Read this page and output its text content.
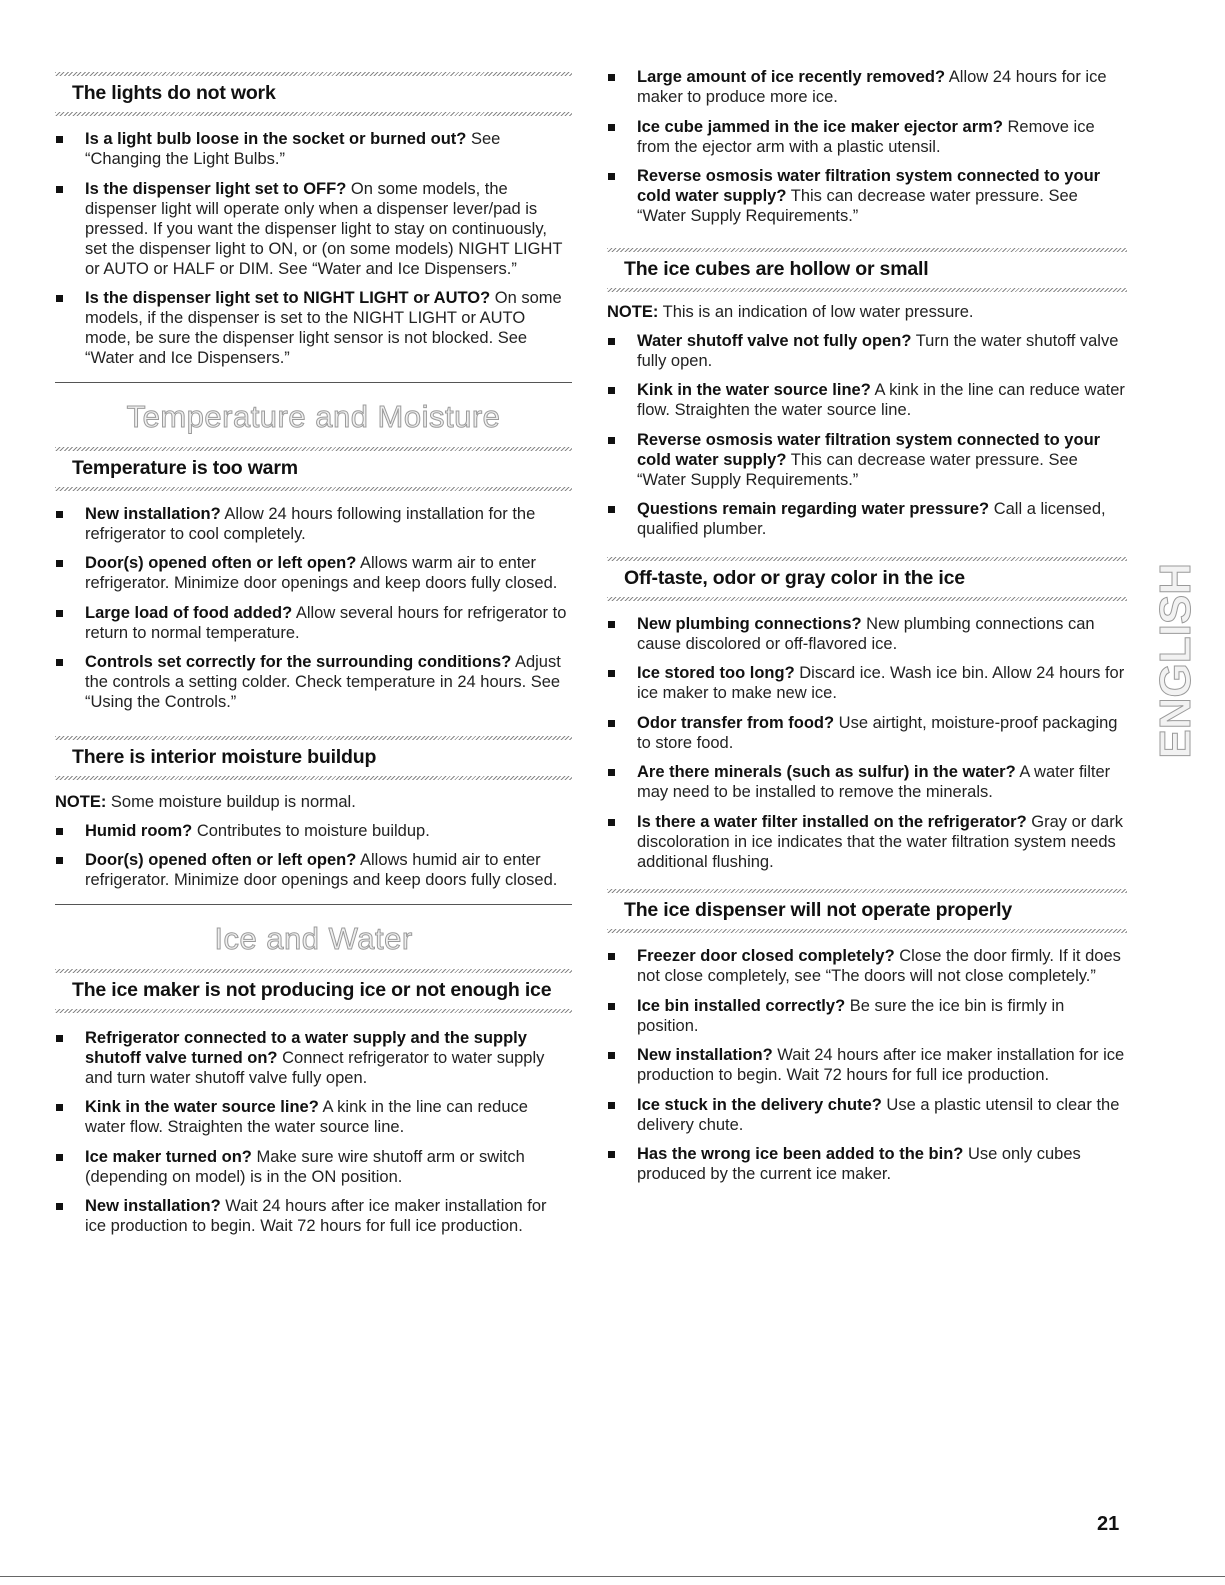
The lights do not work
Is a light bulb loose in the socket or burned out? See “Changing the Light Bulbs.”
Is the dispenser light set to OFF? On some models, the dispenser light will operate only when a dispenser lever/pad is pressed. If you want the dispenser light to stay on continuously, set the dispenser light to ON, or (on some models) NIGHT LIGHT or AUTO or HALF or DIM. See “Water and Ice Dispensers.”
Is the dispenser light set to NIGHT LIGHT or AUTO? On some models, if the dispenser is set to the NIGHT LIGHT or AUTO mode, be sure the dispenser light sensor is not blocked. See “Water and Ice Dispensers.”
Temperature and Moisture
Temperature is too warm
New installation? Allow 24 hours following installation for the refrigerator to cool completely.
Door(s) opened often or left open? Allows warm air to enter refrigerator. Minimize door openings and keep doors fully closed.
Large load of food added? Allow several hours for refrigerator to return to normal temperature.
Controls set correctly for the surrounding conditions? Adjust the controls a setting colder. Check temperature in 24 hours. See “Using the Controls.”
There is interior moisture buildup
NOTE: Some moisture buildup is normal.
Humid room? Contributes to moisture buildup.
Door(s) opened often or left open? Allows humid air to enter refrigerator. Minimize door openings and keep doors fully closed.
Ice and Water
The ice maker is not producing ice or not enough ice
Refrigerator connected to a water supply and the supply shutoff valve turned on? Connect refrigerator to water supply and turn water shutoff valve fully open.
Kink in the water source line? A kink in the line can reduce water flow. Straighten the water source line.
Ice maker turned on? Make sure wire shutoff arm or switch (depending on model) is in the ON position.
New installation? Wait 24 hours after ice maker installation for ice production to begin. Wait 72 hours for full ice production.
Large amount of ice recently removed? Allow 24 hours for ice maker to produce more ice.
Ice cube jammed in the ice maker ejector arm? Remove ice from the ejector arm with a plastic utensil.
Reverse osmosis water filtration system connected to your cold water supply? This can decrease water pressure. See “Water Supply Requirements.”
The ice cubes are hollow or small
NOTE: This is an indication of low water pressure.
Water shutoff valve not fully open? Turn the water shutoff valve fully open.
Kink in the water source line? A kink in the line can reduce water flow. Straighten the water source line.
Reverse osmosis water filtration system connected to your cold water supply? This can decrease water pressure. See “Water Supply Requirements.”
Questions remain regarding water pressure? Call a licensed, qualified plumber.
Off-taste, odor or gray color in the ice
New plumbing connections? New plumbing connections can cause discolored or off-flavored ice.
Ice stored too long? Discard ice. Wash ice bin. Allow 24 hours for ice maker to make new ice.
Odor transfer from food? Use airtight, moisture-proof packaging to store food.
Are there minerals (such as sulfur) in the water? A water filter may need to be installed to remove the minerals.
Is there a water filter installed on the refrigerator? Gray or dark discoloration in ice indicates that the water filtration system needs additional flushing.
The ice dispenser will not operate properly
Freezer door closed completely? Close the door firmly. If it does not close completely, see “The doors will not close completely.”
Ice bin installed correctly? Be sure the ice bin is firmly in position.
New installation? Wait 24 hours after ice maker installation for ice production to begin. Wait 72 hours for full ice production.
Ice stuck in the delivery chute? Use a plastic utensil to clear the delivery chute.
Has the wrong ice been added to the bin? Use only cubes produced by the current ice maker.
ENGLISH
21
